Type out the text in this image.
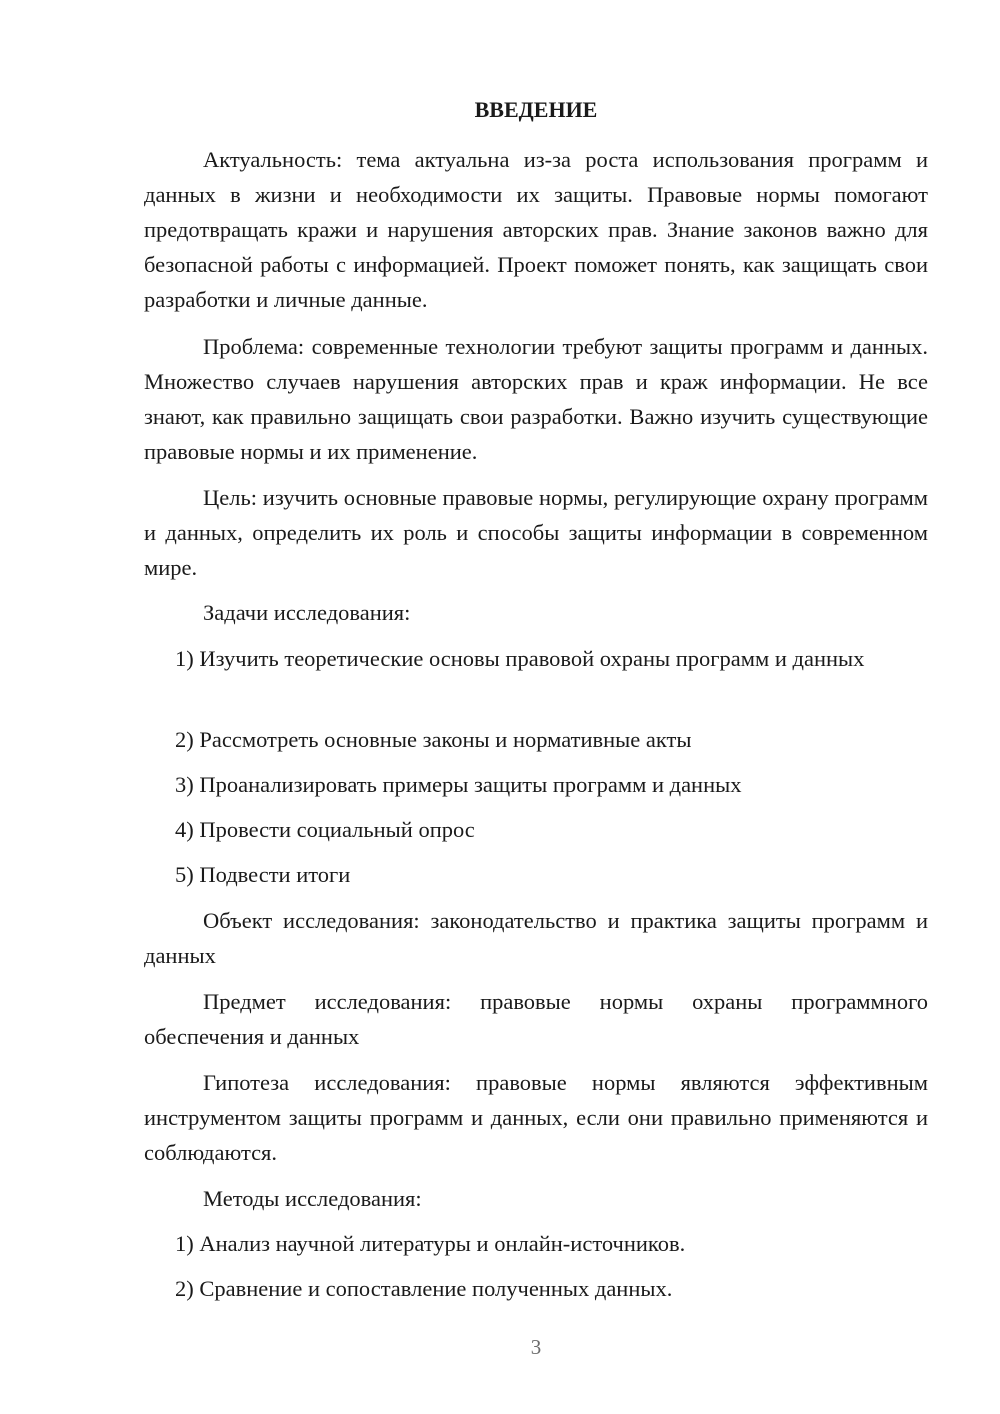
ВВЕДЕНИЕ

Актуальность: тема актуальна из-за роста использования программ и данных в жизни и необходимости их защиты. Правовые нормы помогают предотвращать кражи и нарушения авторских прав. Знание законов важно для безопасной работы с информацией. Проект поможет понять, как защищать свои разработки и личные данные.

Проблема: современные технологии требуют защиты программ и данных. Множество случаев нарушения авторских прав и краж информации. Не все знают, как правильно защищать свои разработки. Важно изучить существующие правовые нормы и их применение.

Цель: изучить основные правовые нормы, регулирующие охрану программ и данных, определить их роль и способы защиты информации в современном мире.

Задачи исследования:

1) Изучить теоретические основы правовой охраны программ и данных

2) Рассмотреть основные законы и нормативные акты

3) Проанализировать примеры защиты программ и данных

4) Провести социальный опрос

5) Подвести итоги

Объект исследования: законодательство и практика защиты программ и данных

Предмет исследования: правовые нормы охраны программного обеспечения и данных

Гипотеза исследования: правовые нормы являются эффективным инструментом защиты программ и данных, если они правильно применяются и соблюдаются.

Методы исследования:

1) Анализ научной литературы и онлайн-источников.

2) Сравнение и сопоставление полученных данных.

3
